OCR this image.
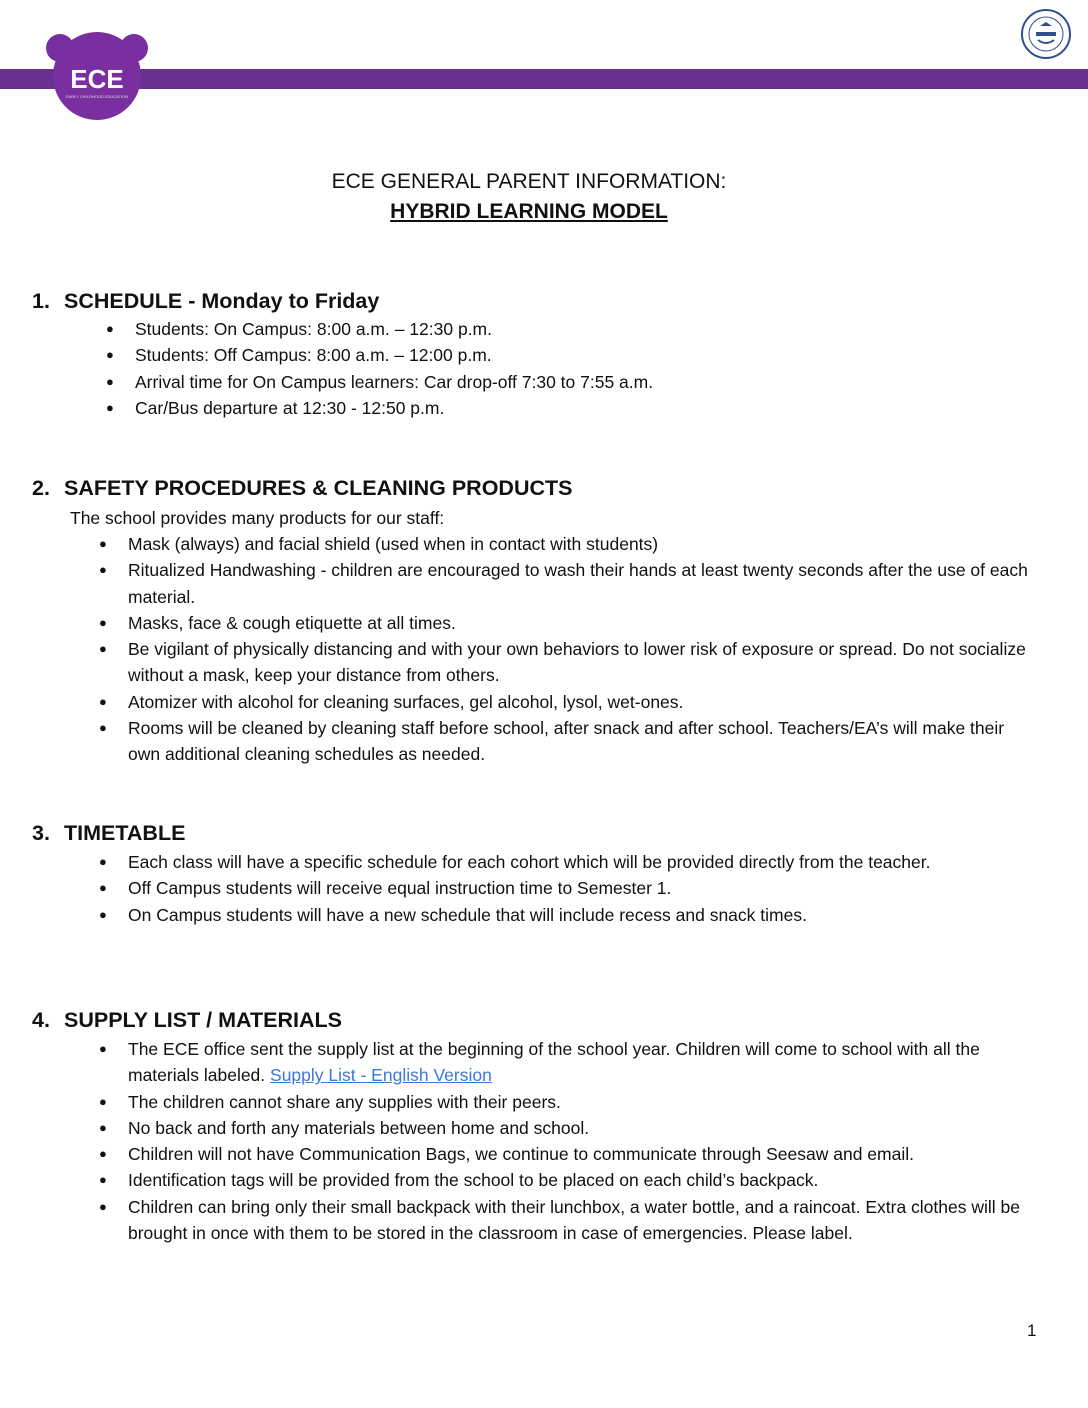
ECE
EARLY CHILDHOOD EDUCATION
ECE GENERAL PARENT INFORMATION:
HYBRID LEARNING MODEL
1. SCHEDULE - Monday to Friday
● Students: On Campus: 8:00 a.m. – 12:30 p.m.
● Students: Off Campus: 8:00 a.m. – 12:00 p.m.
● Arrival time for On Campus learners: Car drop-off 7:30 to 7:55 a.m.
● Car/Bus departure at 12:30 - 12:50 p.m.
2. SAFETY PROCEDURES & CLEANING PRODUCTS
The school provides many products for our staff:
● Mask (always) and facial shield (used when in contact with students)
● Ritualized Handwashing - children are encouraged to wash their hands at least twenty seconds after the use of each material.
● Masks, face & cough etiquette at all times.
● Be vigilant of physically distancing and with your own behaviors to lower risk of exposure or spread. Do not socialize without a mask, keep your distance from others.
● Atomizer with alcohol for cleaning surfaces, gel alcohol, lysol, wet-ones.
● Rooms will be cleaned by cleaning staff before school, after snack and after school. Teachers/EA’s will make their own additional cleaning schedules as needed.
3. TIMETABLE
● Each class will have a specific schedule for each cohort which will be provided directly from the teacher.
● Off Campus students will receive equal instruction time to Semester 1.
● On Campus students will have a new schedule that will include recess and snack times.
4. SUPPLY LIST / MATERIALS
● The ECE office sent the supply list at the beginning of the school year. Children will come to school with all the materials labeled. Supply List - English Version
● The children cannot share any supplies with their peers.
● No back and forth any materials between home and school.
● Children will not have Communication Bags, we continue to communicate through Seesaw and email.
● Identification tags will be provided from the school to be placed on each child’s backpack.
● Children can bring only their small backpack with their lunchbox, a water bottle, and a raincoat. Extra clothes will be brought in once with them to be stored in the classroom in case of emergencies. Please label.
1
